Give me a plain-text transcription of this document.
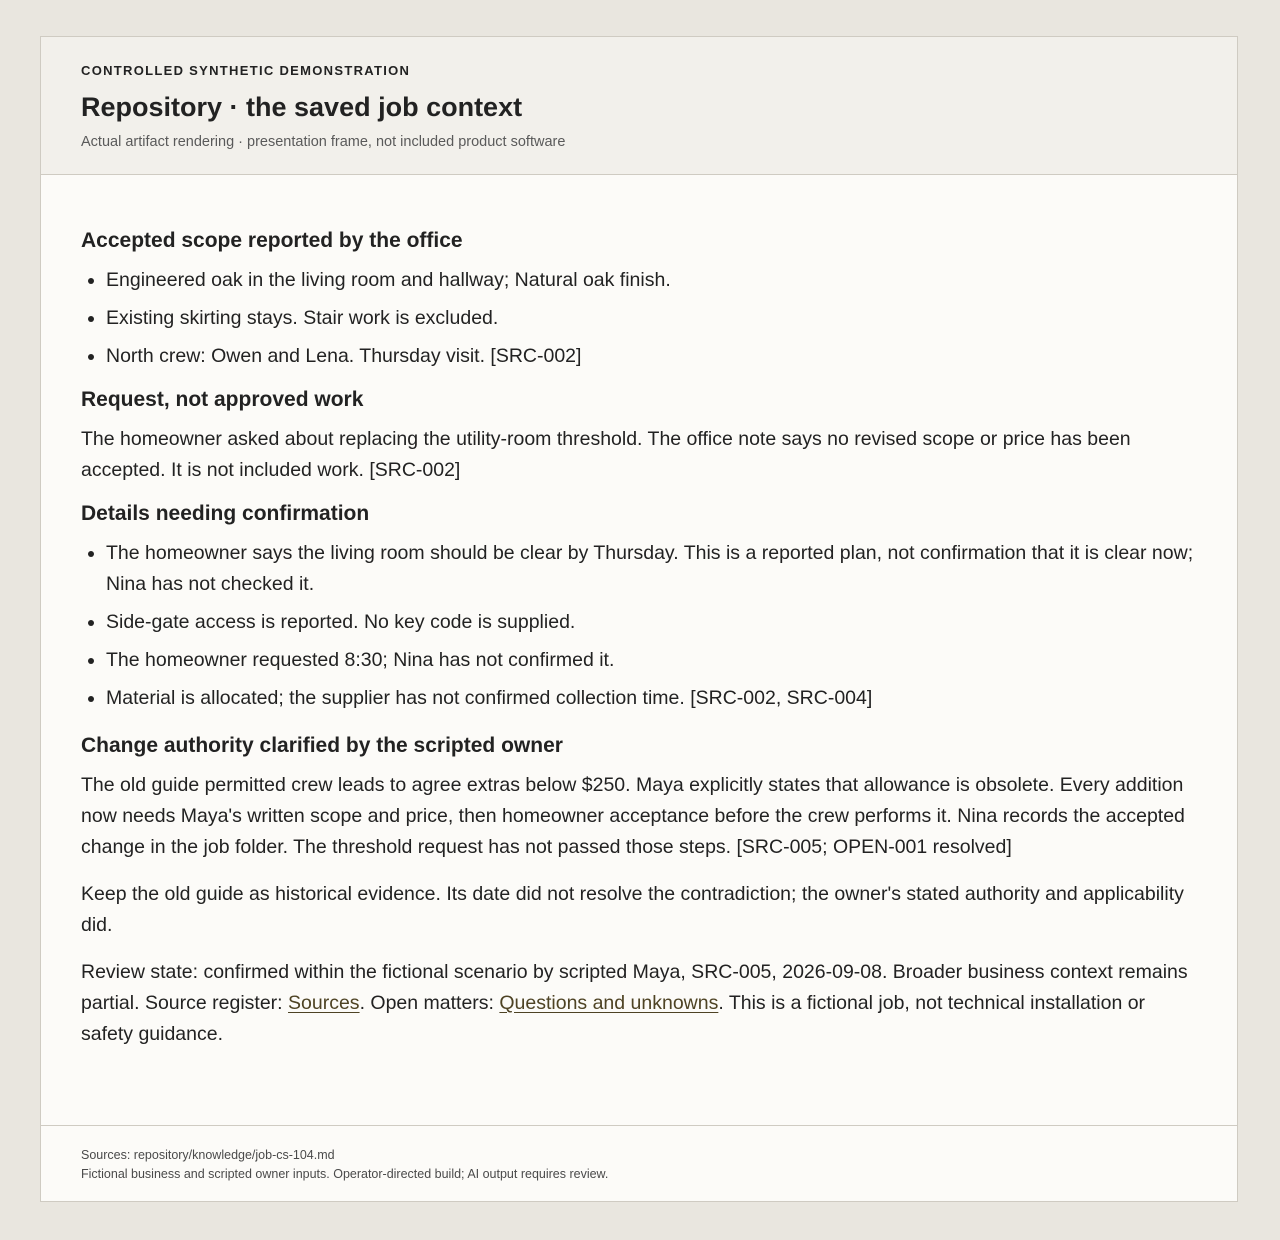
CONTROLLED SYNTHETIC DEMONSTRATION
Repository · the saved job context
Actual artifact rendering · presentation frame, not included product software
Accepted scope reported by the office
• Engineered oak in the living room and hallway; Natural oak finish.
• Existing skirting stays. Stair work is excluded.
• North crew: Owen and Lena. Thursday visit. [SRC-002]
Request, not approved work

The homeowner asked about replacing the utility-room threshold. The office note says no revised scope or price has been accepted. It is not included work. [SRC-002]

Details needing confirmation
• The homeowner says the living room should be clear by Thursday. This is a reported plan, not confirmation that it is clear now; Nina has not checked it.
• Side-gate access is reported. No key code is supplied.
• The homeowner requested 8:30; Nina has not confirmed it.
• Material is allocated; the supplier has not confirmed collection time. [SRC-002, SRC-004]
Change authority clarified by the scripted owner

The old guide permitted crew leads to agree extras below $250. Maya explicitly states that allowance is obsolete. Every addition now needs Maya's written scope and price, then homeowner acceptance before the crew performs it. Nina records the accepted change in the job folder. The threshold request has not passed those steps. [SRC-005; OPEN-001 resolved]

Keep the old guide as historical evidence. Its date did not resolve the contradiction; the owner's stated authority and applicability did.

Review state: confirmed within the fictional scenario by scripted Maya, SRC-005, 2026-09-08. Broader business context remains partial. Source register: Sources. Open matters: Questions and unknowns. This is a fictional job, not technical installation or safety guidance.

Sources: repository/knowledge/job-cs-104.md
Fictional business and scripted owner inputs. Operator-directed build; AI output requires review.
